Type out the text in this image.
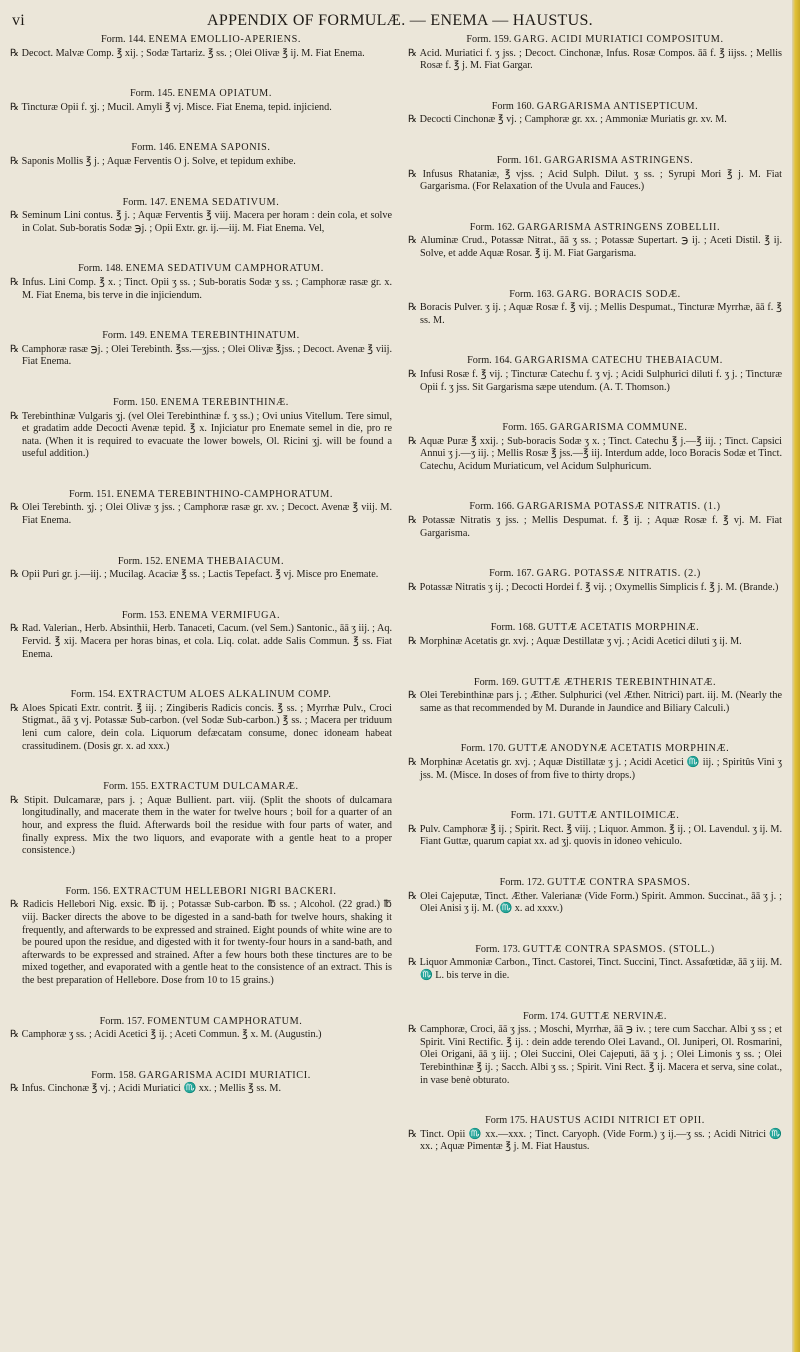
vi	APPENDIX OF FORMULÆ. — ENEMA — HAUSTUS.
Form. 144. ENEMA EMOLLIO-APERIENS.
℞ Decoct. Malvæ Comp. ℥ xij. ; Sodæ Tartariz. ℥ ss. ; Olei Olivæ ℥ ij. M. Fiat Enema.
Form. 145. ENEMA OPIATUM.
℞ Tincturæ Opii f. ʒj. ; Mucil. Amyli ℥ vj. Misce. Fiat Enema, tepid. injiciend.
Form. 146. ENEMA SAPONIS.
℞ Saponis Mollis ℥ j. ; Aquæ Ferventis O j. Solve, et tepidum exhibe.
Form. 147. ENEMA SEDATIVUM.
℞ Seminum Lini contus. ℥ j. ; Aquæ Ferventis ℥ viij. Macera per horam : dein cola, et solve in Colat. Sub-boratis Sodæ ℈j. ; Opii Extr. gr. ij.—iij. M. Fiat Enema. Vel,
Form. 148. ENEMA SEDATIVUM CAMPHORATUM.
℞ Infus. Lini Comp. ℥ x. ; Tinct. Opii ʒ ss. ; Sub-boratis Sodæ ʒ ss. ; Camphoræ rasæ gr. x. M. Fiat Enema, bis terve in die injiciendum.
Form. 149. ENEMA TEREBINTHINATUM.
℞ Camphoræ rasæ ℈j. ; Olei Terebinth. ℥ss.—ʒjss. ; Olei Olivæ ℥jss. ; Decoct. Avenæ ℥ viij. Fiat Enema.
Form. 150. ENEMA TEREBINTHINÆ.
℞ Terebinthinæ Vulgaris ʒj. (vel Olei Terebinthinæ f. ʒ ss.) ; Ovi unius Vitellum. Tere simul, et gradatim adde Decocti Avenæ tepid. ℥ x. Injiciatur pro Enemate semel in die, pro re nata. (When it is required to evacuate the lower bowels, Ol. Ricini ʒj. will be found a useful addition.)
Form. 151. ENEMA TEREBINTHINO-CAMPHORATUM.
℞ Olei Terebinth. ʒj. ; Olei Olivæ ʒ jss. ; Camphoræ rasæ gr. xv. ; Decoct. Avenæ ℥ viij. M. Fiat Enema.
Form. 152. ENEMA THEBAIACUM.
℞ Opii Puri gr. j.—iij. ; Mucilag. Acaciæ ℥ ss. ; Lactis Tepefact. ℥ vj. Misce pro Enemate.
Form. 153. ENEMA VERMIFUGA.
℞ Rad. Valerian., Herb. Absinthii, Herb. Tanaceti, Cacum. (vel Sem.) Santonic., āā ʒ iij. ; Aq. Fervid. ℥ xij. Macera per horas binas, et cola. Liq. colat. adde Salis Commun. ℥ ss. Fiat Enema.
Form. 154. EXTRACTUM ALOES ALKALINUM COMP.
℞ Aloes Spicati Extr. contrit. ℥ iij. ; Zingiberis Radicis concis. ℥ ss. ; Myrrhæ Pulv., Croci Stigmat., āā ʒ vj. Potassæ Sub-carbon. (vel Sodæ Sub-carbon.) ℥ ss. ; Macera per triduum leni cum calore, dein cola. Liquorum defæcatam consume, donec idoneam habeat crassitudinem. (Dosis gr. x. ad xxx.)
Form. 155. EXTRACTUM DULCAMARÆ.
℞ Stipit. Dulcamaræ, pars j. ; Aquæ Bullient. part. viij. (Split the shoots of dulcamara longitudinally, and macerate them in the water for twelve hours ; boil for a quarter of an hour, and express the fluid. Afterwards boil the residue with four parts of water, and finally express. Mix the two liquors, and evaporate with a gentle heat to a proper consistence.)
Form. 156. EXTRACTUM HELLEBORI NIGRI BACKERI.
℞ Radicis Hellebori Nig. exsic. ℔ ij. ; Potassæ Sub-carbon. ℔ ss. ; Alcohol. (22 grad.) ℔ viij. Backer directs the above to be digested in a sand-bath for twelve hours, shaking it frequently, and afterwards to be expressed and strained. Eight pounds of white wine are to be poured upon the residue, and digested with it for twenty-four hours in a sand-bath, and afterwards to be expressed and strained. After a few hours both these tinctures are to be mixed together, and evaporated with a gentle heat to the consistence of an extract. This is the best preparation of Hellebore. Dose from 10 to 15 grains.)
Form. 157. FOMENTUM CAMPHORATUM.
℞ Camphoræ ʒ ss. ; Acidi Acetici ℥ ij. ; Aceti Commun. ℥ x. M. (Augustin.)
Form. 158. GARGARISMA ACIDI MURIATICI.
℞ Infus. Cinchonæ ℥ vj. ; Acidi Muriatici ♏ xx. ; Mellis ℥ ss. M.
Form. 159. GARG. ACIDI MURIATICI COMPOSITUM.
℞ Acid. Muriatici f. ʒ jss. ; Decoct. Cinchonæ, Infus. Rosæ Compos. āā f. ℥ iijss. ; Mellis Rosæ f. ℥ j. M. Fiat Gargar.
Form 160. GARGARISMA ANTISEPTICUM.
℞ Decocti Cinchonæ ℥ vj. ; Camphoræ gr. xx. ; Ammoniæ Muriatis gr. xv. M.
Form. 161. GARGARISMA ASTRINGENS.
℞ Infusus Rhataniæ, ℥ vjss. ; Acid Sulph. Dilut. ʒ ss. ; Syrupi Mori ℥ j. M. Fiat Gargarisma. (For Relaxation of the Uvula and Fauces.)
Form. 162. GARGARISMA ASTRINGENS ZOBELLII.
℞ Aluminæ Crud., Potassæ Nitrat., āā ʒ ss. ; Potassæ Supertart. ℈ ij. ; Aceti Distil. ℥ ij. Solve, et adde Aquæ Rosar. ℥ ij. M. Fiat Gargarisma.
Form. 163. GARG. BORACIS SODÆ.
℞ Boracis Pulver. ʒ ij. ; Aquæ Rosæ f. ℥ vij. ; Mellis Despumat., Tincturæ Myrrhæ, āā f. ℥ ss. M.
Form. 164. GARGARISMA CATECHU THEBAIACUM.
℞ Infusi Rosæ f. ℥ vij. ; Tincturæ Catechu f. ʒ vj. ; Acidi Sulphurici diluti f. ʒ j. ; Tincturæ Opii f. ʒ jss. Sit Gargarisma sæpe utendum. (A. T. Thomson.)
Form. 165. GARGARISMA COMMUNE.
℞ Aquæ Puræ ℥ xxij. ; Sub-boracis Sodæ ʒ x. ; Tinct. Catechu ℥ j.—℥ iij. ; Tinct. Capsici Annui ʒ j.—ʒ iij. ; Mellis Rosæ ℥ jss.—℥ iij. Interdum adde, loco Boracis Sodæ et Tinct. Catechu, Acidum Muriaticum, vel Acidum Sulphuricum.
Form. 166. GARGARISMA POTASSÆ NITRATIS. (1.)
℞ Potassæ Nitratis ʒ jss. ; Mellis Despumat. f. ℥ ij. ; Aquæ Rosæ f. ℥ vj. M. Fiat Gargarisma.
Form. 167. GARG. POTASSÆ NITRATIS. (2.)
℞ Potassæ Nitratis ʒ ij. ; Decocti Hordei f. ℥ vij. ; Oxymellis Simplicis f. ℥ j. M. (Brande.)
Form. 168. GUTTÆ ACETATIS MORPHINÆ.
℞ Morphinæ Acetatis gr. xvj. ; Aquæ Destillatæ ʒ vj. ; Acidi Acetici diluti ʒ ij. M.
Form. 169. GUTTÆ ÆTHERIS TEREBINTHINATÆ.
℞ Olei Terebinthinæ pars j. ; Æther. Sulphurici (vel Æther. Nitrici) part. iij. M. (Nearly the same as that recommended by M. Durande in Jaundice and Biliary Calculi.)
Form. 170. GUTTÆ ANODYNÆ ACETATIS MORPHINÆ.
℞ Morphinæ Acetatis gr. xvj. ; Aquæ Distillatæ ʒ j. ; Acidi Acetici ♏ iij. ; Spiritûs Vini ʒ jss. M. (Misce. In doses of from five to thirty drops.)
Form. 171. GUTTÆ ANTILOIMICÆ.
℞ Pulv. Camphoræ ℥ ij. ; Spirit. Rect. ℥ viij. ; Liquor. Ammon. ℥ ij. ; Ol. Lavendul. ʒ ij. M. Fiant Guttæ, quarum capiat xx. ad ʒj. quovis in idoneo vehiculo.
Form. 172. GUTTÆ CONTRA SPASMOS.
℞ Olei Cajeputæ, Tinct. Æther. Valerianæ (Vide Form.) Spirit. Ammon. Succinat., āā ʒ j. ; Olei Anisi ʒ ij. M. (♏ x. ad xxxv.)
Form. 173. GUTTÆ CONTRA SPASMOS. (STOLL.)
℞ Liquor Ammoniæ Carbon., Tinct. Castorei, Tinct. Succini, Tinct. Assafœtidæ, āā ʒ iij. M. ♏ L. bis terve in die.
Form. 174. GUTTÆ NERVINÆ.
℞ Camphoræ, Croci, āā ʒ jss. ; Moschi, Myrrhæ, āā ℈ iv. ; tere cum Sacchar. Albi ʒ ss ; et Spirit. Vini Rectific. ℥ ij. : dein adde terendo Olei Lavand., Ol. Juniperi, Ol. Rosmarini, Olei Origani, āā ʒ iij. ; Olei Succini, Olei Cajeputi, āā ʒ j. ; Olei Limonis ʒ ss. ; Olei Terebinthinæ ℥ ij. ; Sacch. Albi ʒ ss. ; Spirit. Vini Rect. ℥ ij. Macera et serva, sine colat., in vase benè obturato.
Form 175. HAUSTUS ACIDI NITRICI ET OPII.
℞ Tinct. Opii ♏ xx.—xxx. ; Tinct. Caryoph. (Vide Form.) ʒ ij.—ʒ ss. ; Acidi Nitrici ♏ xx. ; Aquæ Pimentæ ℥ j. M. Fiat Haustus.
